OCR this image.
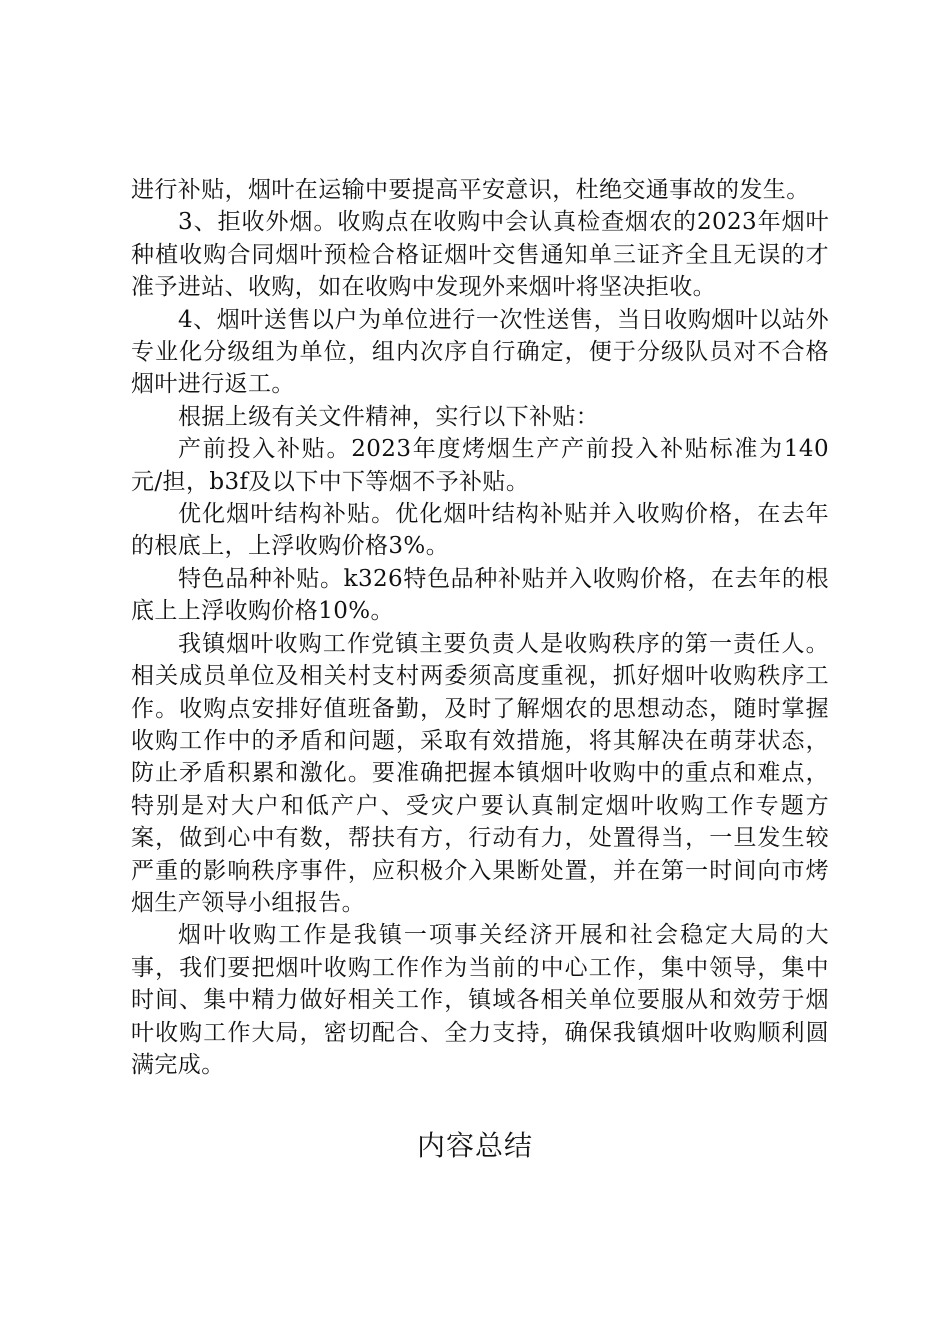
进行补贴，烟叶在运输中要提高平安意识，杜绝交通事故的发生。

3、拒收外烟。收购点在收购中会认真检查烟农的2023年烟叶种植收购合同烟叶预检合格证烟叶交售通知单三证齐全且无误的才准予进站、收购，如在收购中发现外来烟叶将坚决拒收。

4、烟叶送售以户为单位进行一次性送售，当日收购烟叶以站外专业化分级组为单位，组内次序自行确定，便于分级队员对不合格烟叶进行返工。

根据上级有关文件精神，实行以下补贴：

产前投入补贴。2023年度烤烟生产产前投入补贴标准为140元/担，b3f及以下中下等烟不予补贴。

优化烟叶结构补贴。优化烟叶结构补贴并入收购价格，在去年的根底上，上浮收购价格3%。

特色品种补贴。k326特色品种补贴并入收购价格，在去年的根底上上浮收购价格10%。

我镇烟叶收购工作党镇主要负责人是收购秩序的第一责任人。相关成员单位及相关村支村两委须高度重视，抓好烟叶收购秩序工作。收购点安排好值班备勤，及时了解烟农的思想动态，随时掌握收购工作中的矛盾和问题，采取有效措施，将其解决在萌芽状态，防止矛盾积累和激化。要准确把握本镇烟叶收购中的重点和难点，特别是对大户和低产户、受灾户要认真制定烟叶收购工作专题方案，做到心中有数，帮扶有方，行动有力，处置得当，一旦发生较严重的影响秩序事件，应积极介入果断处置，并在第一时间向市烤烟生产领导小组报告。

烟叶收购工作是我镇一项事关经济开展和社会稳定大局的大事，我们要把烟叶收购工作作为当前的中心工作，集中领导，集中时间、集中精力做好相关工作，镇域各相关单位要服从和效劳于烟叶收购工作大局，密切配合、全力支持，确保我镇烟叶收购顺利圆满完成。

内容总结
